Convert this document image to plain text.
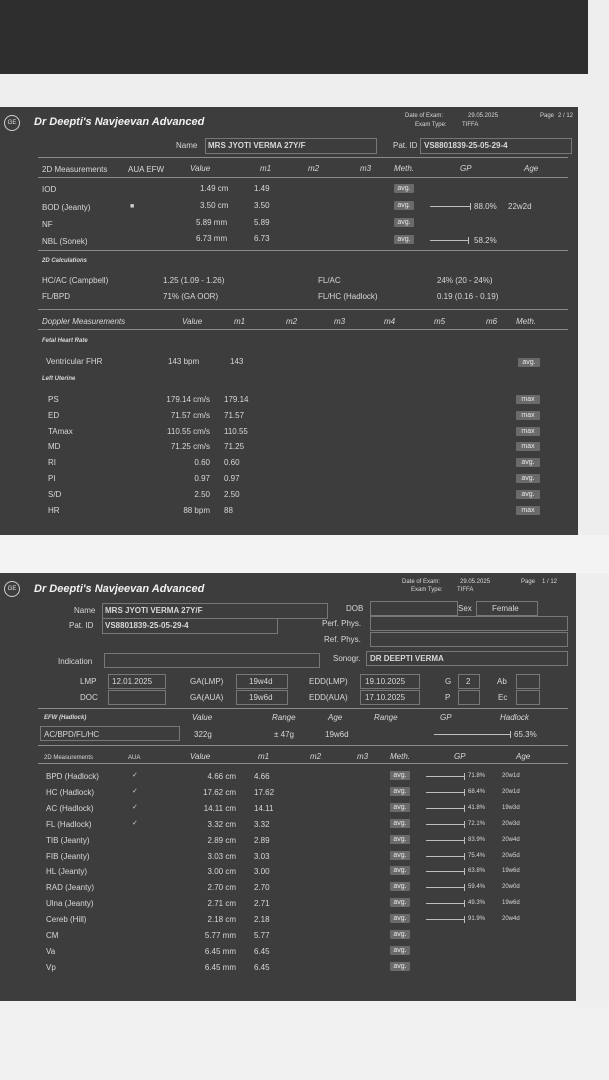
GE	Dr Deepti's Navjeevan Advanced	Date of Exam:	29.05.2025
Exam Type:	TIFFA
Page 2 / 12
Name MRS JYOTI VERMA 27Y/F	Pat. ID VS8801839-25-05-29-4
2D Measurements	AUA EFW	Value	m1	m2	m3	Meth.	GP	Age
IOD	1.49 cm	1.49	avg.
BOD (Jeanty)	■	3.50 cm	3.50	avg.	88.0% 22w2d
NF	5.89 mm	5.89	avg.
NBL (Sonek)	6.73 mm	6.73	avg.	58.2%
2D Calculations
HC/AC (Campbell)	1.25 (1.09 - 1.26)	FL/AC	24% (20 - 24%)
FL/BPD	71% (GA OOR)	FL/HC (Hadlock)	0.19 (0.16 - 0.19)
Doppler Measurements	Value	m1	m2	m3	m4	m5	m6 Meth.
Fetal Heart Rate
Ventricular FHR	143 bpm	143	avg.
Left Uterine
PS	179.14 cm/s 179.14	max
ED	71.57 cm/s 71.57	max
TAmax	110.55 cm/s 110.55	max
MD	71.25 cm/s 71.25	max
RI	0.60 0.60	avg.
PI	0.97 0.97	avg.
S/D	2.50 2.50	avg.
HR	88 bpm 88	max
GE	Dr Deepti's Navjeevan Advanced
Date of Exam:	29.05.2025
Exam Type: TIFFA
Page 1 / 12
Name MRS JYOTI VERMA 27Y/F
Pat. ID VS8801839-25-05-29-4
DOB	Sex	Female
Perf. Phys.
Ref. Phys.
Sonogr. DR DEEPTI VERMA
Indication
LMP 12.01.2025	GA(LMP)	19w4d	EDD(LMP) 19.10.2025	G 2	Ab
DOC	GA(AUA)	19w6d	EDD(AUA) 17.10.2025	P	Ec
EFW (Hadlock)	Value	Range	Age	Range	GP	Hadlock
AC/BPD/FL/HC	322g	± 47g	19w6d	65.3%
2D Measurements	AUA	Value	m1	m2	m3	Meth.	GP	Age
BPD (Hadlock)	✓	4.66 cm 4.66	avg.	71.8%	20w1d
HC (Hadlock)	✓	17.62 cm 17.62	avg.	68.4%	20w1d
AC (Hadlock)	✓	14.11 cm 14.11	avg.	41.8%	19w3d
FL (Hadlock)	✓	3.32 cm 3.32	avg.	72.1%	20w3d
TIB (Jeanty)	2.89 cm 2.89	avg.	83.9%	20w4d
FIB (Jeanty)	3.03 cm 3.03	avg.	75.4%	20w5d
HL (Jeanty)	3.00 cm 3.00	avg.	63.8%	19w6d
RAD (Jeanty)	2.70 cm 2.70	avg.	59.4%	20w0d
Ulna (Jeanty)	2.71 cm 2.71	avg.	49.3%	19w6d
Cereb (Hill)	2.18 cm 2.18	avg.	91.9%	20w4d
CM	5.77 mm 5.77	avg.
Va	6.45 mm 6.45	avg.
Vp	6.45 mm 6.45	avg.
